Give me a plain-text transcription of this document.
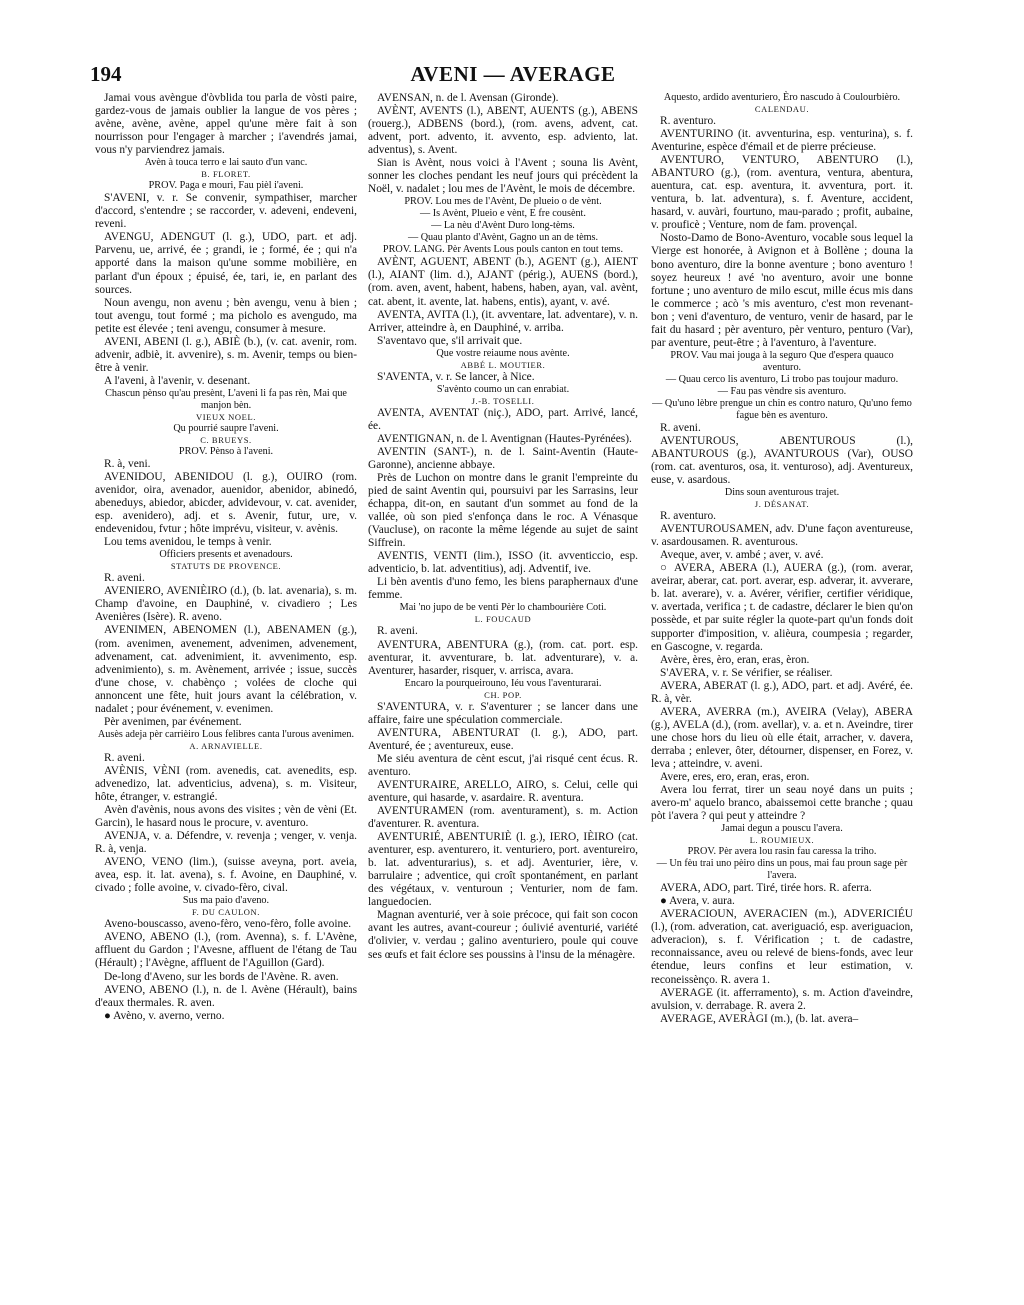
194	AVENI — AVERAGE

Jamai vous avèngue d'òvblida tou parla de vòsti paire, gardez-vous de jamais oublier la langue de vos pères ; avène, avène, avène, appel qu'une mère fait à son nourrisson pour l'engager à marcher ; i'avendrés jamai, vous n'y parviendrez jamais.

Avèn à touca terro e lai sauto d'un vanc.

B. FLORET.

PROV. Paga e mouri, Fau pièl i'aveni.

S'AVENI, v. r. Se convenir, sympathiser, marcher d'accord, s'entendre ; se raccorder, v. adeveni, endeveni, reveni.

AVENGU, ADENGUT (l. g.), UDO, part. et adj. Parvenu, ue, arrivé, ée ; grandi, ie ; formé, ée ; qui n'a apporté dans la maison qu'une somme mobilière, en parlant d'un époux ; épuisé, ée, tari, ie, en parlant des sources.

Noun avengu, non avenu ; bèn avengu, venu à bien ; tout avengu, tout formé ; ma picholo es avengudo, ma petite est élevée ; teni avengu, consumer à mesure.

AVENI, ABENI (l. g.), ABIÈ (b.), (v. cat. avenir, rom. advenir, adbiè, it. avvenire), s. m. Avenir, temps ou bien-être à venir.

A l'aveni, à l'avenir, v. desenant.

Chascun pènso qu'au presènt, L'aveni li fa pas rèn, Mai que manjon bèn.

VIEUX NOEL.

Qu pourrié saupre l'aveni.

C. BRUEYS.

PROV. Pènso à l'aveni.

R. à, veni.

AVENIDOU, ABENIDOU (l. g.), OUIRO (rom. avenidor, oira, avenador, auenidor, abenidor, abinedó, abeneduys, abiedor, abicder, advidevour, v. cat. avenider, esp. avenidero), adj. et s. Avenir, futur, ure, v. endevenidou, fvtur ; hôte imprévu, visiteur, v. avènis.

Lou tems avenidou, le temps à venir.

Officiers presents et avenadours.

STATUTS DE PROVENCE.

R. aveni.

AVENIERO, AVENIÈIRO (d.), (b. lat. avenaria), s. m. Champ d'avoine, en Dauphiné, v. civadiero ; Les Avenières (Isère). R. aveno.

AVENIMEN, ABENOMEN (l.), ABENAMEN (g.), (rom. avenimen, avenement, advenimen, advenement, advenament, cat. advenimient, it. avvenimento, esp. advenimiento), s. m. Avènement, arrivée ; issue, succès d'une chose, v. chabènço ; volées de cloche qui annoncent une fête, huit jours avant la célébration, v. nadalet ; pour événement, v. evenimen.

Pèr avenimen, par événement.

Ausès adeja pèr carrièiro Lous felibres canta l'urous avenimen.

A. ARNAVIELLE.

R. aveni.

AVÈNIS, VÈNI (rom. avenedis, cat. avenedits, esp. advenedizo, lat. adventicius, advena), s. m. Visiteur, hôte, étranger, v. estrangié.

Avèn d'avènis, nous avons des visites ; vèn de vèni (Et. Garcin), le hasard nous le procure, v. aventuro.

AVENJA, v. a. Défendre, v. revenja ; venger, v. venja. R. à, venja.

AVENO, VENO (lim.), (suisse aveyna, port. aveia, avea, esp. it. lat. avena), s. f. Avoine, en Dauphiné, v. civado ; folle avoine, v. civado-fèro, cival.

Sus ma paio d'aveno.

F. DU CAULON.

Aveno-bouscasso, aveno-fèro, veno-fèro, folle avoine.

AVENO, ABENO (l.), (rom. Avenna), s. f. L'Avène, affluent du Gardon ; l'Avesne, affluent de l'étang de Tau (Hérault) ; l'Avègne, affluent de l'Aguillon (Gard).

De-long d'Aveno, sur les bords de l'Avène. R. aven.

AVENO, ABENO (l.), n. de l. Avène (Hérault), bains d'eaux thermales. R. aven.

● Avèno, v. averno, verno.

AVENSAN, n. de l. Avensan (Gironde).

AVÈNT, AVENTS (l.), ABENT, AUENTS (g.), ABENS (rouerg.), ADBENS (bord.), (rom. avens, advent, cat. advent, port. advento, it. avvento, esp. adviento, lat. adventus), s. Avent.

Sian is Avènt, nous voici à l'Avent ; souna lis Avènt, sonner les cloches pendant les neuf jours qui précèdent la Noël, v. nadalet ; lou mes de l'Avènt, le mois de décembre.

PROV. Lou mes de l'Avènt, De plueio o de vènt.

— Is Avènt, Plueio e vènt, E fre cousènt.

— La nèu d'Avènt Duro long-tèms.

— Quau planto d'Avènt, Gagno un an de tèms.

PROV. LANG. Pèr Avents Lous pouls canton en tout tems.

AVÈNT, AGUENT, ABENT (b.), AGENT (g.), AIENT (l.), AIANT (lim. d.), AJANT (périg.), AUENS (bord.), (rom. aven, avent, habent, habens, haben, ayan, val. avènt, cat. abent, it. avente, lat. habens, entis), ayant, v. avé.

AVENTA, AVITA (l.), (it. avventare, lat. adventare), v. n. Arriver, atteindre à, en Dauphiné, v. arriba.

S'aventavo que, s'il arrivait que.

Que vostre reiaume nous avènte.

ABBÉ L. MOUTIER.

S'AVENTA, v. r. Se lancer, à Nice.

S'avènto coumo un can enrabiat.

J.-B. TOSELLI.

AVENTA, AVENTAT (niç.), ADO, part. Arrivé, lancé, ée.

AVENTIGNAN, n. de l. Aventignan (Hautes-Pyrénées).

AVENTIN (SANT-), n. de l. Saint-Aventin (Haute-Garonne), ancienne abbaye.

Près de Luchon on montre dans le granit l'empreinte du pied de saint Aventin qui, poursuivi par les Sarrasins, leur échappa, dit-on, en sautant d'un sommet au fond de la vallée, où son pied s'enfonça dans le roc. A Vénasque (Vaucluse), on raconte la même légende au sujet de saint Siffrein.

AVENTIS, VENTI (lim.), ISSO (it. avventiccio, esp. adventicio, b. lat. adventitius), adj. Adventif, ive.

Li bèn aventis d'uno femo, les biens paraphernaux d'une femme.

Mai 'no jupo de be venti Pèr lo chambourière Coti.

L. FOUCAUD

R. aveni.

AVENTURA, ABENTURA (g.), (rom. cat. port. esp. aventurar, it. avventurare, b. lat. adventurare), v. a. Aventurer, hasarder, risquer, v. arrisca, avara.

Encaro la pourqueirouno, Iéu vous l'aventurarai.

CH. POP.

S'AVENTURA, v. r. S'aventurer ; se lancer dans une affaire, faire une spéculation commerciale.

AVENTURA, ABENTURAT (l. g.), ADO, part. Aventuré, ée ; aventureux, euse.

Me siéu aventura de cènt escut, j'ai risqué cent écus. R. aventuro.

AVENTURAIRE, ARELLO, AIRO, s. Celui, celle qui aventure, qui hasarde, v. asardaire. R. aventura.

AVENTURAMEN (rom. aventurament), s. m. Action d'aventurer. R. aventura.

AVENTURIÉ, ABENTURIÈ (l. g.), IERO, IÈIRO (cat. aventurer, esp. aventurero, it. venturiero, port. aventureiro, b. lat. adventurarius), s. et adj. Aventurier, ière, v. barrulaire ; adventice, qui croît spontanément, en parlant des végétaux, v. venturoun ; Venturier, nom de fam. languedocien.

Magnan aventurié, ver à soie précoce, qui fait son cocon avant les autres, avant-coureur ; óulivié aventurié, variété d'olivier, v. verdau ; galino aventuriero, poule qui couve ses œufs et fait éclore ses poussins à l'insu de la ménagère.

Aquesto, ardido aventuriero, Èro nascudo à Coulourbièro.

CALENDAU.

R. aventuro.

AVENTURINO (it. avventurina, esp. venturina), s. f. Aventurine, espèce d'émail et de pierre précieuse.

AVENTURO, VENTURO, ABENTURO (l.), ABANTURO (g.), (rom. aventura, ventura, abentura, auentura, cat. esp. aventura, it. avventura, port. it. ventura, b. lat. adventura), s. f. Aventure, accident, hasard, v. auvàri, fourtuno, mau-parado ; profit, aubaine, v. prouficè ; Venture, nom de fam. provençal.

Nosto-Damo de Bono-Aventuro, vocable sous lequel la Vierge est honorée, à Avignon et à Bollène ; douna la bono aventuro, dire la bonne aventure ; bono aventuro ! soyez heureux ! avé 'no aventuro, avoir une bonne fortune ; uno aventuro de milo escut, mille écus mis dans le commerce ; acò 's mis aventuro, c'est mon revenant-bon ; veni d'aventuro, de venturo, venir de hasard, par le fait du hasard ; pèr aventuro, pèr venturo, penturo (Var), par aventure, peut-être ; à l'aventuro, à l'aventure.

PROV. Vau mai jouga à la seguro Que d'espera quauco aventuro.

— Quau cerco lis aventuro, Li trobo pas toujour maduro.

— Fau pas vèndre sis aventuro.

— Qu'uno lèbre prengue un chin es contro naturo, Qu'uno femo fague bèn es aventuro.

R. aveni.

AVENTUROUS, ABENTUROUS (l.), ABANTUROUS (g.), AVANTUROUS (Var), OUSO (rom. cat. aventuros, osa, it. venturoso), adj. Aventureux, euse, v. asardous.

Dins soun aventurous trajet.

J. DÉSANAT.

R. aventuro.

AVENTUROUSAMEN, adv. D'une façon aventureuse, v. asardousamen. R. aventurous.

Aveque, aver, v. ambé ; aver, v. avé.

○ AVERA, ABERA (l.), AUERA (g.), (rom. averar, aveirar, aberar, cat. port. averar, esp. adverar, it. avverare, b. lat. averare), v. a. Avérer, vérifier, certifier véridique, v. avertada, verifica ; t. de cadastre, déclarer le bien qu'on possède, et par suite régler la quote-part qu'un fonds doit supporter d'imposition, v. alièura, coumpesia ; regarder, en Gascogne, v. regarda.

Avère, ères, èro, eran, eras, èron.

S'AVERA, v. r. Se vérifier, se réaliser.

AVERA, ABERAT (l. g.), ADO, part. et adj. Avéré, ée. R. à, vèr.

AVERA, AVERRA (m.), AVEIRA (Velay), ABERA (g.), AVELA (d.), (rom. avellar), v. a. et n. Aveindre, tirer une chose hors du lieu où elle était, arracher, v. davera, derraba ; enlever, ôter, détourner, dispenser, en Forez, v. leva ; atteindre, v. aveni.

Avere, eres, ero, eran, eras, eron.

Avera lou ferrat, tirer un seau noyé dans un puits ; avero-m' aquelo branco, abaissemoi cette branche ; quau pòt i'avera ? qui peut y atteindre ?

Jamai degun a pouscu l'avera.

L. ROUMIEUX.

PROV. Pèr avera lou rasin fau caressa la triho.

— Un fèu trai uno pèiro dins un pous, mai fau proun sage pèr l'avera.

AVERA, ADO, part. Tiré, tirée hors. R. aferra.

● Avera, v. aura.

AVERACIOUN, AVERACIEN (m.), ADVERICIÉU (l.), (rom. adveration, cat. averiguació, esp. averiguacion, adveracion), s. f. Vérification ; t. de cadastre, reconnaissance, aveu ou relevé de biens-fonds, avec leur étendue, leurs confins et leur estimation, v. reconeissènço. R. avera 1.

AVERAGE (it. afferramento), s. m. Action d'aveindre, avulsion, v. derrabage. R. avera 2.

AVERAGE, AVERÀGI (m.), (b. lat. avera–
